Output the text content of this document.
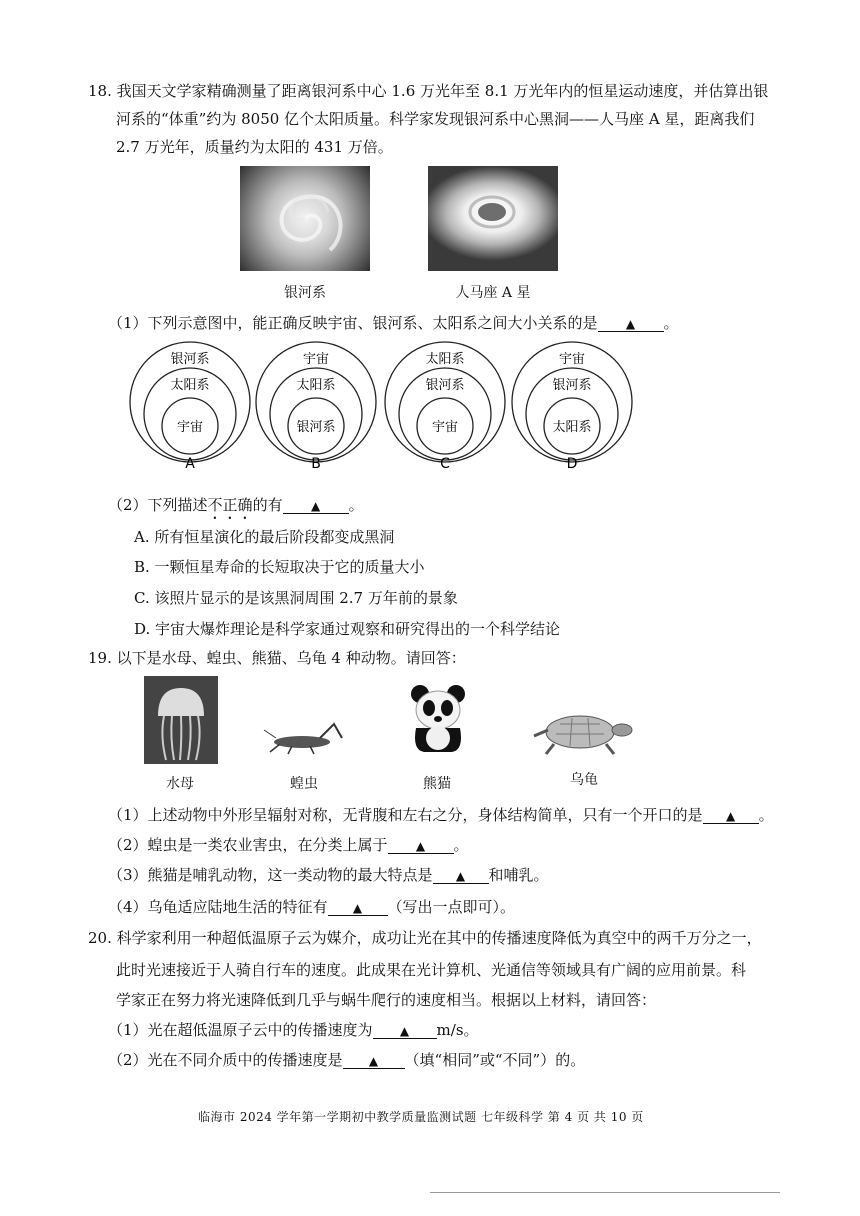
18. 我国天文学家精确测量了距离银河系中心 1.6 万光年至 8.1 万光年内的恒星运动速度，并估算出银
河系的“体重”约为 8050 亿个太阳质量。科学家发现银河系中心黑洞——人马座 A 星，距离我们
2.7 万光年，质量约为太阳的 431 万倍。
银河系	人马座 A 星
（1）下列示意图中，能正确反映宇宙、银河系、太阳系之间大小关系的是 ▲ 。
银河系
太阳系
宇宙
A
宇宙
太阳系
银河系
B
太阳系
银河系
宇宙
C
宇宙
银河系
太阳系
D
（2）下列描述不正确的有 ▲ 。
A. 所有恒星演化的最后阶段都变成黑洞
B. 一颗恒星寿命的长短取决于它的质量大小
C. 该照片显示的是该黑洞周围 2.7 万年前的景象
D. 宇宙大爆炸理论是科学家通过观察和研究得出的一个科学结论
19. 以下是水母、蝗虫、熊猫、乌龟 4 种动物。请回答：
水母	蝗虫	熊猫	乌龟
（1）上述动物中外形呈辐射对称，无背腹和左右之分，身体结构简单，只有一个开口的是 ▲ 。
（2）蝗虫是一类农业害虫，在分类上属于 ▲ 。
（3）熊猫是哺乳动物，这一类动物的最大特点是 ▲ 和哺乳。
（4）乌龟适应陆地生活的特征有 ▲ （写出一点即可）。
20. 科学家利用一种超低温原子云为媒介，成功让光在其中的传播速度降低为真空中的两千万分之一，
此时光速接近于人骑自行车的速度。此成果在光计算机、光通信等领域具有广阔的应用前景。科
学家正在努力将光速降低到几乎与蜗牛爬行的速度相当。根据以上材料，请回答：
（1）光在超低温原子云中的传播速度为 ▲ m/s。
（2）光在不同介质中的传播速度是 ▲ （填“相同”或“不同”）的。
临海市 2024 学年第一学期初中教学质量监测试题 七年级科学 第 4 页 共 10 页
